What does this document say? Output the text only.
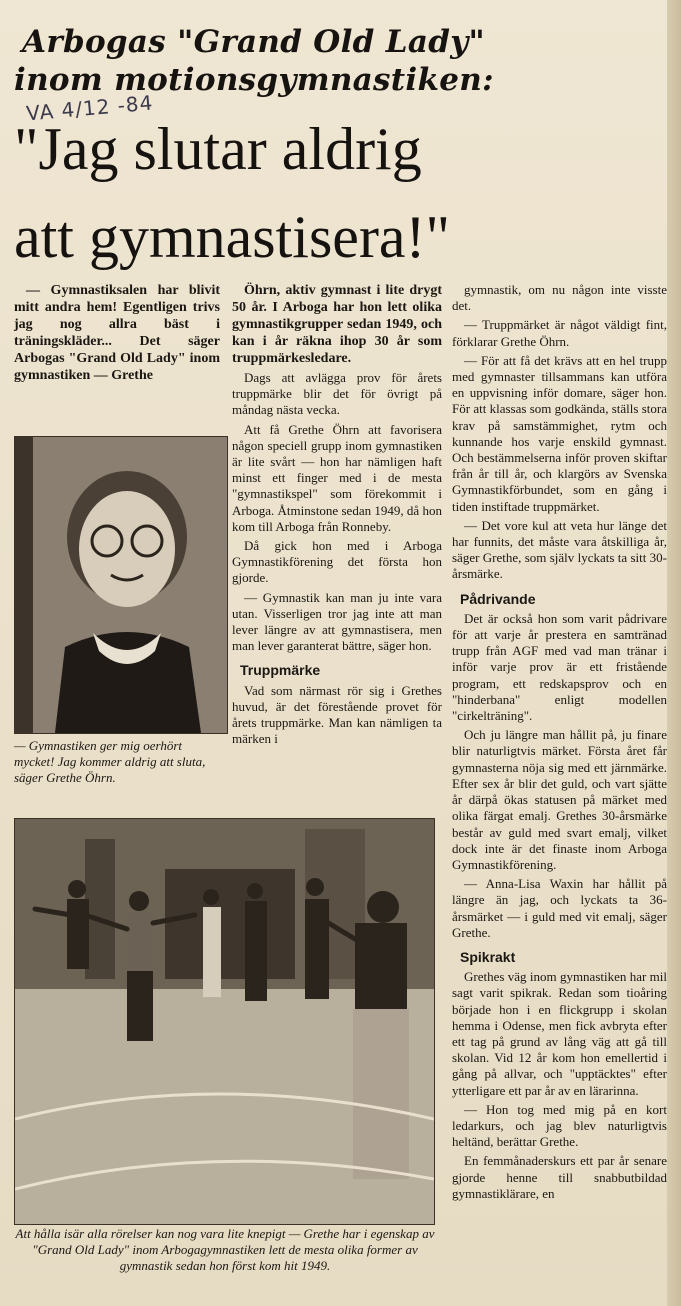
Arbogas "Grand Old Lady"
inom motionsgymnastiken:
VA 4/12 -84
"Jag slutar aldrig
att gymnastisera!"

— Gymnastiksalen har blivit mitt andra hem! Egentligen trivs jag nog allra bäst i träningskläder... Det säger Arbogas "Grand Old Lady" inom gymnastiken — Grethe

— Gymnastiken ger mig oerhört mycket! Jag kommer aldrig att sluta, säger Grethe Öhrn.

Öhrn, aktiv gymnast i lite drygt 50 år. I Arboga har hon lett olika gymnastikgrupper sedan 1949, och kan i år räkna ihop 30 år som truppmärkesledare.

Dags att avlägga prov för årets truppmärke blir det för övrigt på måndag nästa vecka.

Att få Grethe Öhrn att favorisera någon speciell grupp inom gymnastiken är lite svårt — hon har nämligen haft minst ett finger med i de mesta "gymnastikspel" som förekommit i Arboga. Åtminstone sedan 1949, då hon kom till Arboga från Ronneby.

Då gick hon med i Arboga Gymnastikförening det första hon gjorde.

— Gymnastik kan man ju inte vara utan. Visserligen tror jag inte att man lever längre av att gymnastisera, men man lever garanterat bättre, säger hon.

Truppmärke

Vad som närmast rör sig i Grethes huvud, är det förestående provet för årets truppmärke. Man kan nämligen ta märken i

gymnastik, om nu någon inte visste det.

— Truppmärket är något väldigt fint, förklarar Grethe Öhrn.

— För att få det krävs att en hel trupp med gymnaster tillsammans kan utföra en uppvisning inför domare, säger hon. För att klassas som godkända, ställs stora krav på samstämmighet, rytm och kunnande hos varje enskild gymnast. Och bestämmelserna inför proven skiftar från år till år, och klargörs av Svenska Gymnastikförbundet, som en gång i tiden instiftade truppmärket.

— Det vore kul att veta hur länge det har funnits, det måste vara åtskilliga år, säger Grethe, som själv lyckats ta sitt 30-årsmärke.

Pådrivande

Det är också hon som varit pådrivare för att varje år prestera en samtränad trupp från AGF med vad man tränar i inför varje prov är ett fristående program, ett redskapsprov och en "hinderbana" enligt modellen "cirkelträning".

Och ju längre man hållit på, ju finare blir naturligtvis märket. Första året får gymnasterna nöja sig med ett järnmärke. Efter sex år blir det guld, och vart sjätte år därpå ökas statusen på märket med olika färgat emalj. Grethes 30-årsmärke består av guld med svart emalj, vilket dock inte är det finaste inom Arboga Gymnastikförening.

— Anna-Lisa Waxin har hållit på längre än jag, och lyckats ta 36-årsmärket — i guld med vit emalj, säger Grethe.

Spikrakt

Grethes väg inom gymnastiken har mil sagt varit spikrak. Redan som tioåring började hon i en flickgrupp i skolan hemma i Odense, men fick avbryta efter ett tag på grund av lång väg att gå till skolan. Vid 12 år kom hon emellertid i gång på allvar, och "upptäcktes" efter ytterligare ett par år av en lärarinna.

— Hon tog med mig på en kort ledarkurs, och jag blev naturligtvis heltänd, berättar Grethe.

En femmånaderskurs ett par år senare gjorde henne till snabbutbildad gymnastiklärare, en

Att hålla isär alla rörelser kan nog vara lite knepigt — Grethe har i egenskap av "Grand Old Lady" inom Arbogagymnastiken lett de mesta olika former av gymnastik sedan hon först kom hit 1949.
